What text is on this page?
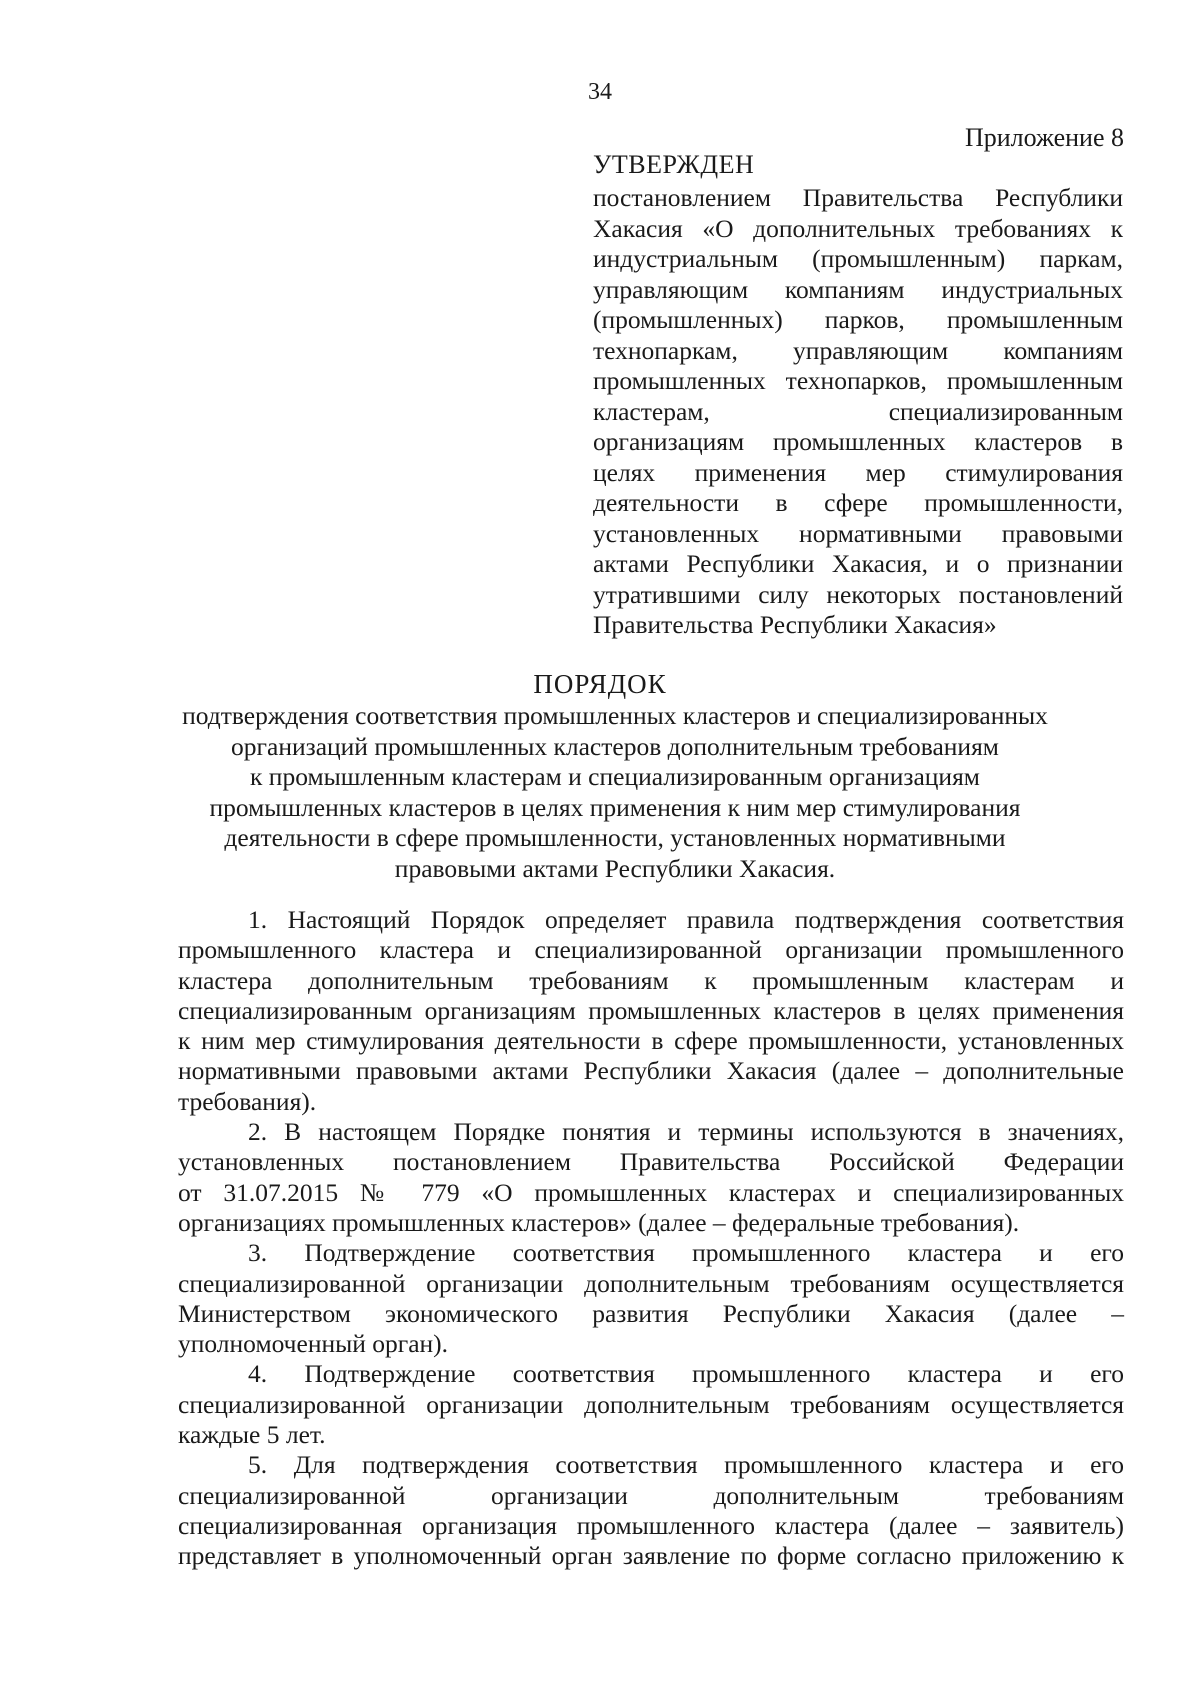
34
Приложение 8
УТВЕРЖДЕН
постановлением Правительства Республики
Хакасия «О дополнительных требованиях к
индустриальным (промышленным) паркам,
управляющим компаниям индустриальных
(промышленных) парков, промышленным
технопаркам, управляющим компаниям
промышленных технопарков, промышленным
кластерам, специализированным
организациям промышленных кластеров в
целях применения мер стимулирования
деятельности в сфере промышленности,
установленных нормативными правовыми
актами Республики Хакасия, и о признании
утратившими силу некоторых постановлений
Правительства Республики Хакасия»
ПОРЯДОК
подтверждения соответствия промышленных кластеров и специализированных
организаций промышленных кластеров дополнительным требованиям
к промышленным кластерам и специализированным организациям
промышленных кластеров в целях применения к ним мер стимулирования
деятельности в сфере промышленности, установленных нормативными
правовыми актами Республики Хакасия.
1. Настоящий Порядок определяет правила подтверждения соответствия
промышленного кластера и специализированной организации промышленного
кластера дополнительным требованиям к промышленным кластерам и
специализированным организациям промышленных кластеров в целях применения
к ним мер стимулирования деятельности в сфере промышленности, установленных
нормативными правовыми актами Республики Хакасия (далее – дополнительные
требования).
2. В настоящем Порядке понятия и термины используются в значениях,
установленных постановлением Правительства Российской Федерации
от 31.07.2015 № 779 «О промышленных кластерах и специализированных
организациях промышленных кластеров» (далее – федеральные требования).
3. Подтверждение соответствия промышленного кластера и его
специализированной организации дополнительным требованиям осуществляется
Министерством экономического развития Республики Хакасия (далее –
уполномоченный орган).
4. Подтверждение соответствия промышленного кластера и его
специализированной организации дополнительным требованиям осуществляется
каждые 5 лет.
5. Для подтверждения соответствия промышленного кластера и его
специализированной организации дополнительным требованиям
специализированная организация промышленного кластера (далее – заявитель)
представляет в уполномоченный орган заявление по форме согласно приложению к
